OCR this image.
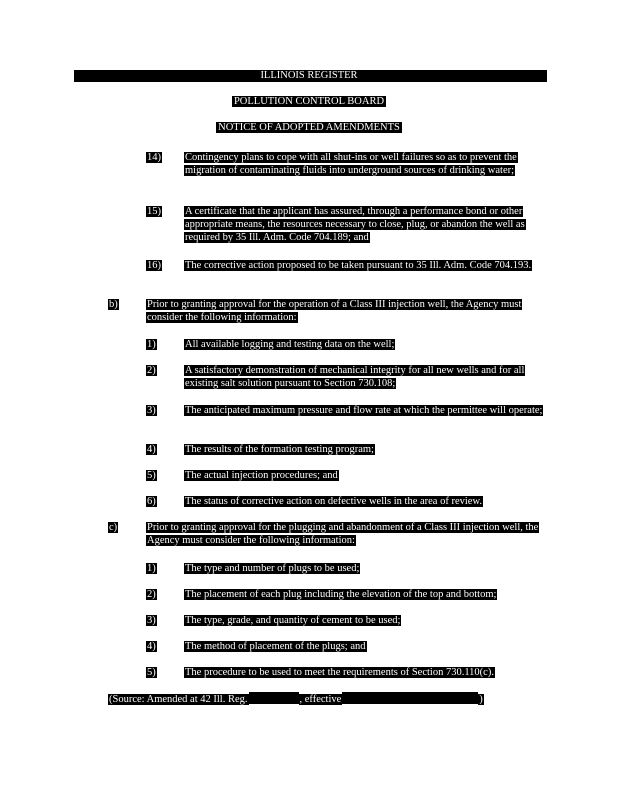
ILLINOIS REGISTER
POLLUTION CONTROL BOARD
NOTICE OF ADOPTED AMENDMENTS
14) Contingency plans to cope with all shut-ins or well failures so as to prevent the migration of contaminating fluids into underground sources of drinking water;
15) A certificate that the applicant has assured, through a performance bond or other appropriate means, the resources necessary to close, plug, or abandon the well as required by 35 Ill. Adm. Code 704.189; and
16) The corrective action proposed to be taken pursuant to 35 Ill. Adm. Code 704.193.
b)	Prior to granting approval for the operation of a Class III injection well, the Agency must consider the following information:
1)	All available logging and testing data on the well;
2)	A satisfactory demonstration of mechanical integrity for all new wells and for all existing salt solution pursuant to Section 730.108;
3)	The anticipated maximum pressure and flow rate at which the permittee will operate;
4)	The results of the formation testing program;
5)	The actual injection procedures; and
6)	The status of corrective action on defective wells in the area of review.
c)	Prior to granting approval for the plugging and abandonment of a Class III injection well, the Agency must consider the following information:
1)	The type and number of plugs to be used;
2)	The placement of each plug including the elevation of the top and bottom;
3)	The type, grade, and quantity of cement to be used;
4)	The method of placement of the plugs; and
5)	The procedure to be used to meet the requirements of Section 730.110(c).
(Source: Amended at 42 Ill. Reg.	, effective	)
